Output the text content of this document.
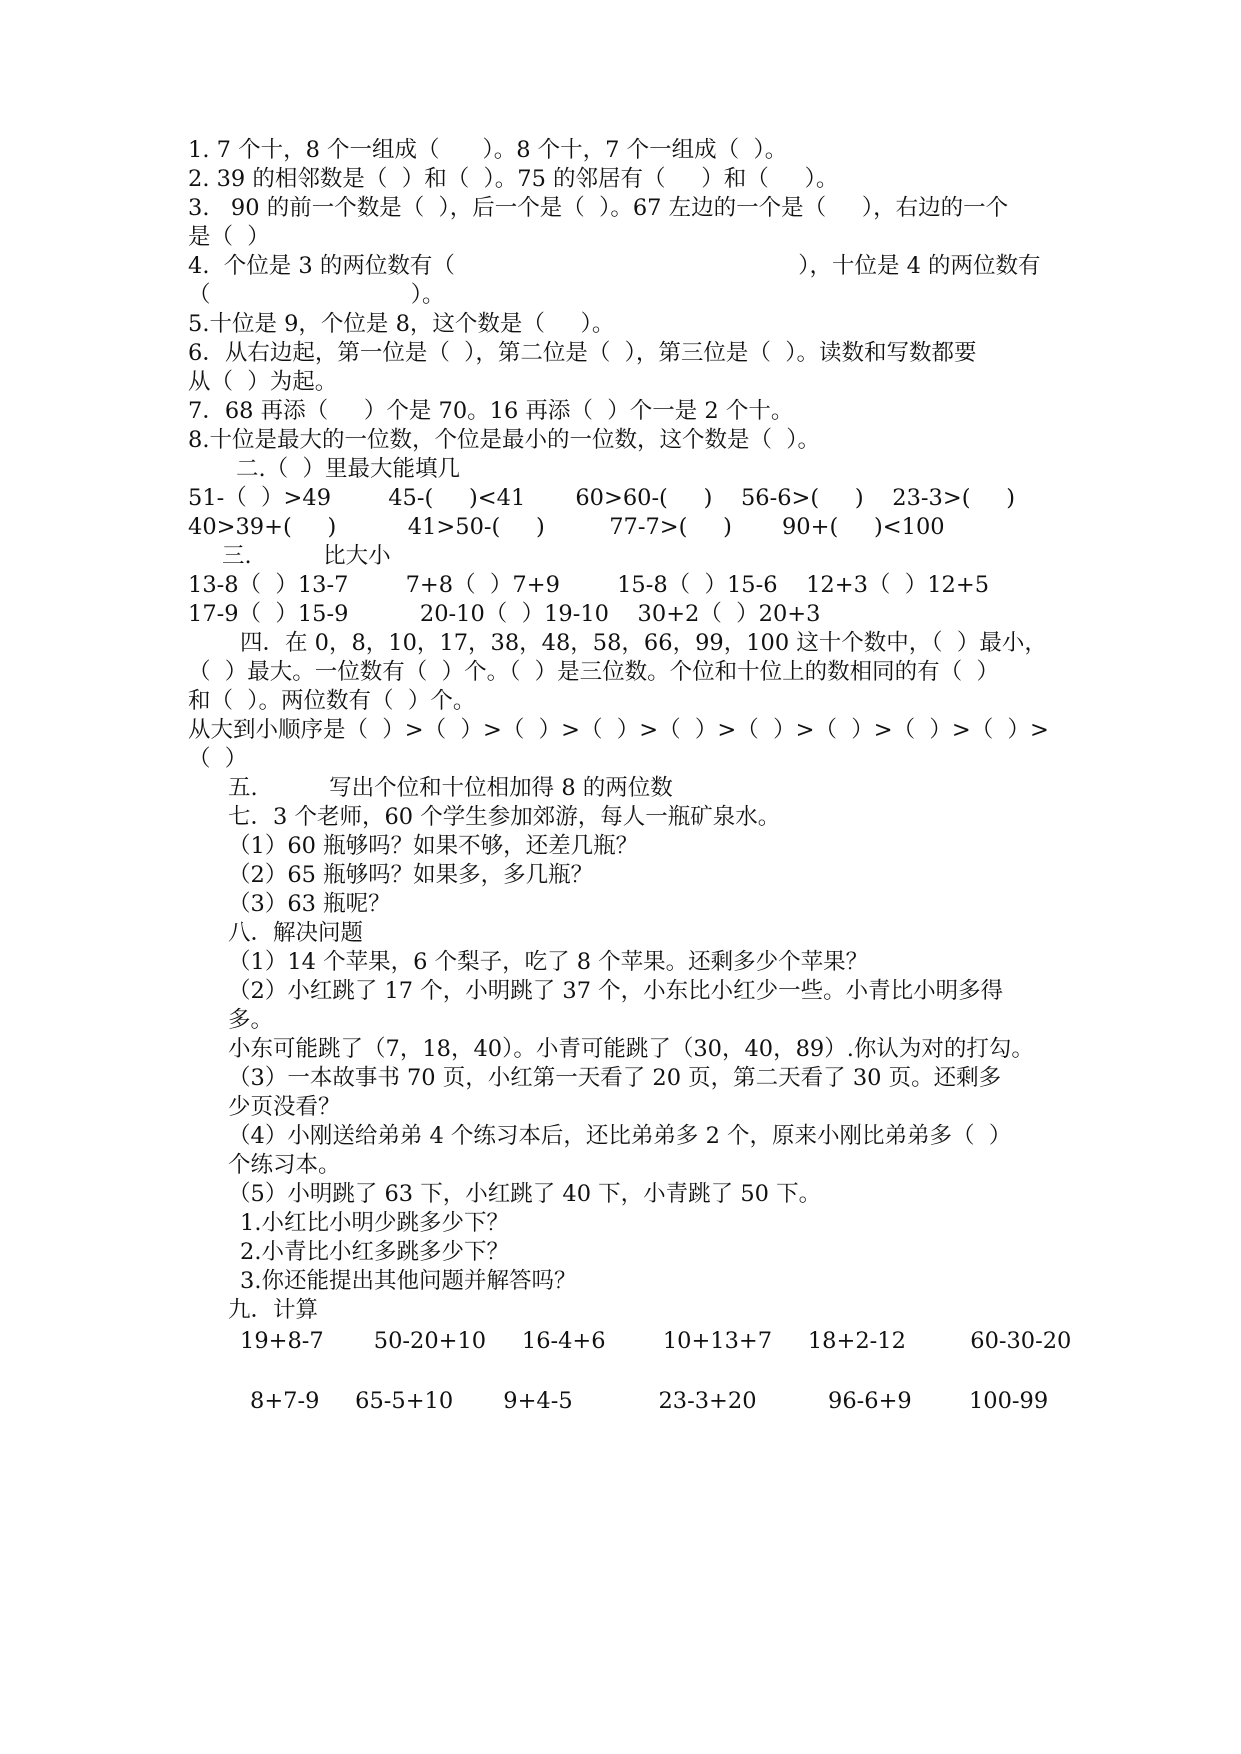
1. 7 个十，8 个一组成（      ）。8 个十，7 个一组成（  ）。
2. 39 的相邻数是（  ）和（  ）。75 的邻居有（     ）和（     ）。
3.   90 的前一个数是（  ），后一个是（  ）。67 左边的一个是（     ），右边的一个
是（  ）
4.  个位是 3 的两位数有（                                                ），十位是 4 的两位数有
（                            ）。
5.十位是 9，个位是 8，这个数是（     ）。
6．从右边起，第一位是（  ），第二位是（  ），第三位是（  ）。读数和写数都要
从（  ）为起。
7．68 再添（     ）个是 70。16 再添（  ）个一是 2 个十。
8.十位是最大的一位数，个位是最小的一位数，这个数是（  ）。
二.（  ）里最大能填几
51-（  ）>49        45-(     )<41       60>60-(     )    56-6>(     )    23-3>(     )
40>39+(     )          41>50-(     )         77-7>(     )       90+(     )<100
三.          比大小
13-8（  ）13-7        7+8（  ）7+9        15-8（  ）15-6    12+3（  ）12+5
17-9（  ）15-9          20-10（  ）19-10    30+2（  ）20+3
四．在 0，8，10，17，38，48，58，66，99，100 这十个数中，（  ）最小，
（  ）最大。一位数有（  ）个。（  ）是三位数。个位和十位上的数相同的有（  ）
和（  ）。两位数有（  ）个。
从大到小顺序是（  ）>（  ）>（  ）>（  ）>（  ）>（  ）>（  ）>（  ）>（  ）>
（  ）
五.          写出个位和十位相加得 8 的两位数
七．3 个老师，60 个学生参加郊游，每人一瓶矿泉水。
（1）60 瓶够吗？如果不够，还差几瓶？
（2）65 瓶够吗？如果多，多几瓶？
（3）63 瓶呢？
八．解决问题
（1）14 个苹果，6 个梨子，吃了 8 个苹果。还剩多少个苹果？
（2）小红跳了 17 个，小明跳了 37 个，小东比小红少一些。小青比小明多得
多。
小东可能跳了（7，18，40）。小青可能跳了（30，40，89）.你认为对的打勾。
（3）一本故事书 70 页，小红第一天看了 20 页，第二天看了 30 页。还剩多
少页没看？
（4）小刚送给弟弟 4 个练习本后，还比弟弟多 2 个，原来小刚比弟弟多（  ）
个练习本。
（5）小明跳了 63 下，小红跳了 40 下，小青跳了 50 下。
1.小红比小明少跳多少下？
2.小青比小红多跳多少下？
3.你还能提出其他问题并解答吗？
九．计算
19+8-7       50-20+10     16-4+6        10+13+7     18+2-12         60-30-20
8+7-9     65-5+10       9+4-5            23-3+20          96-6+9        100-99
